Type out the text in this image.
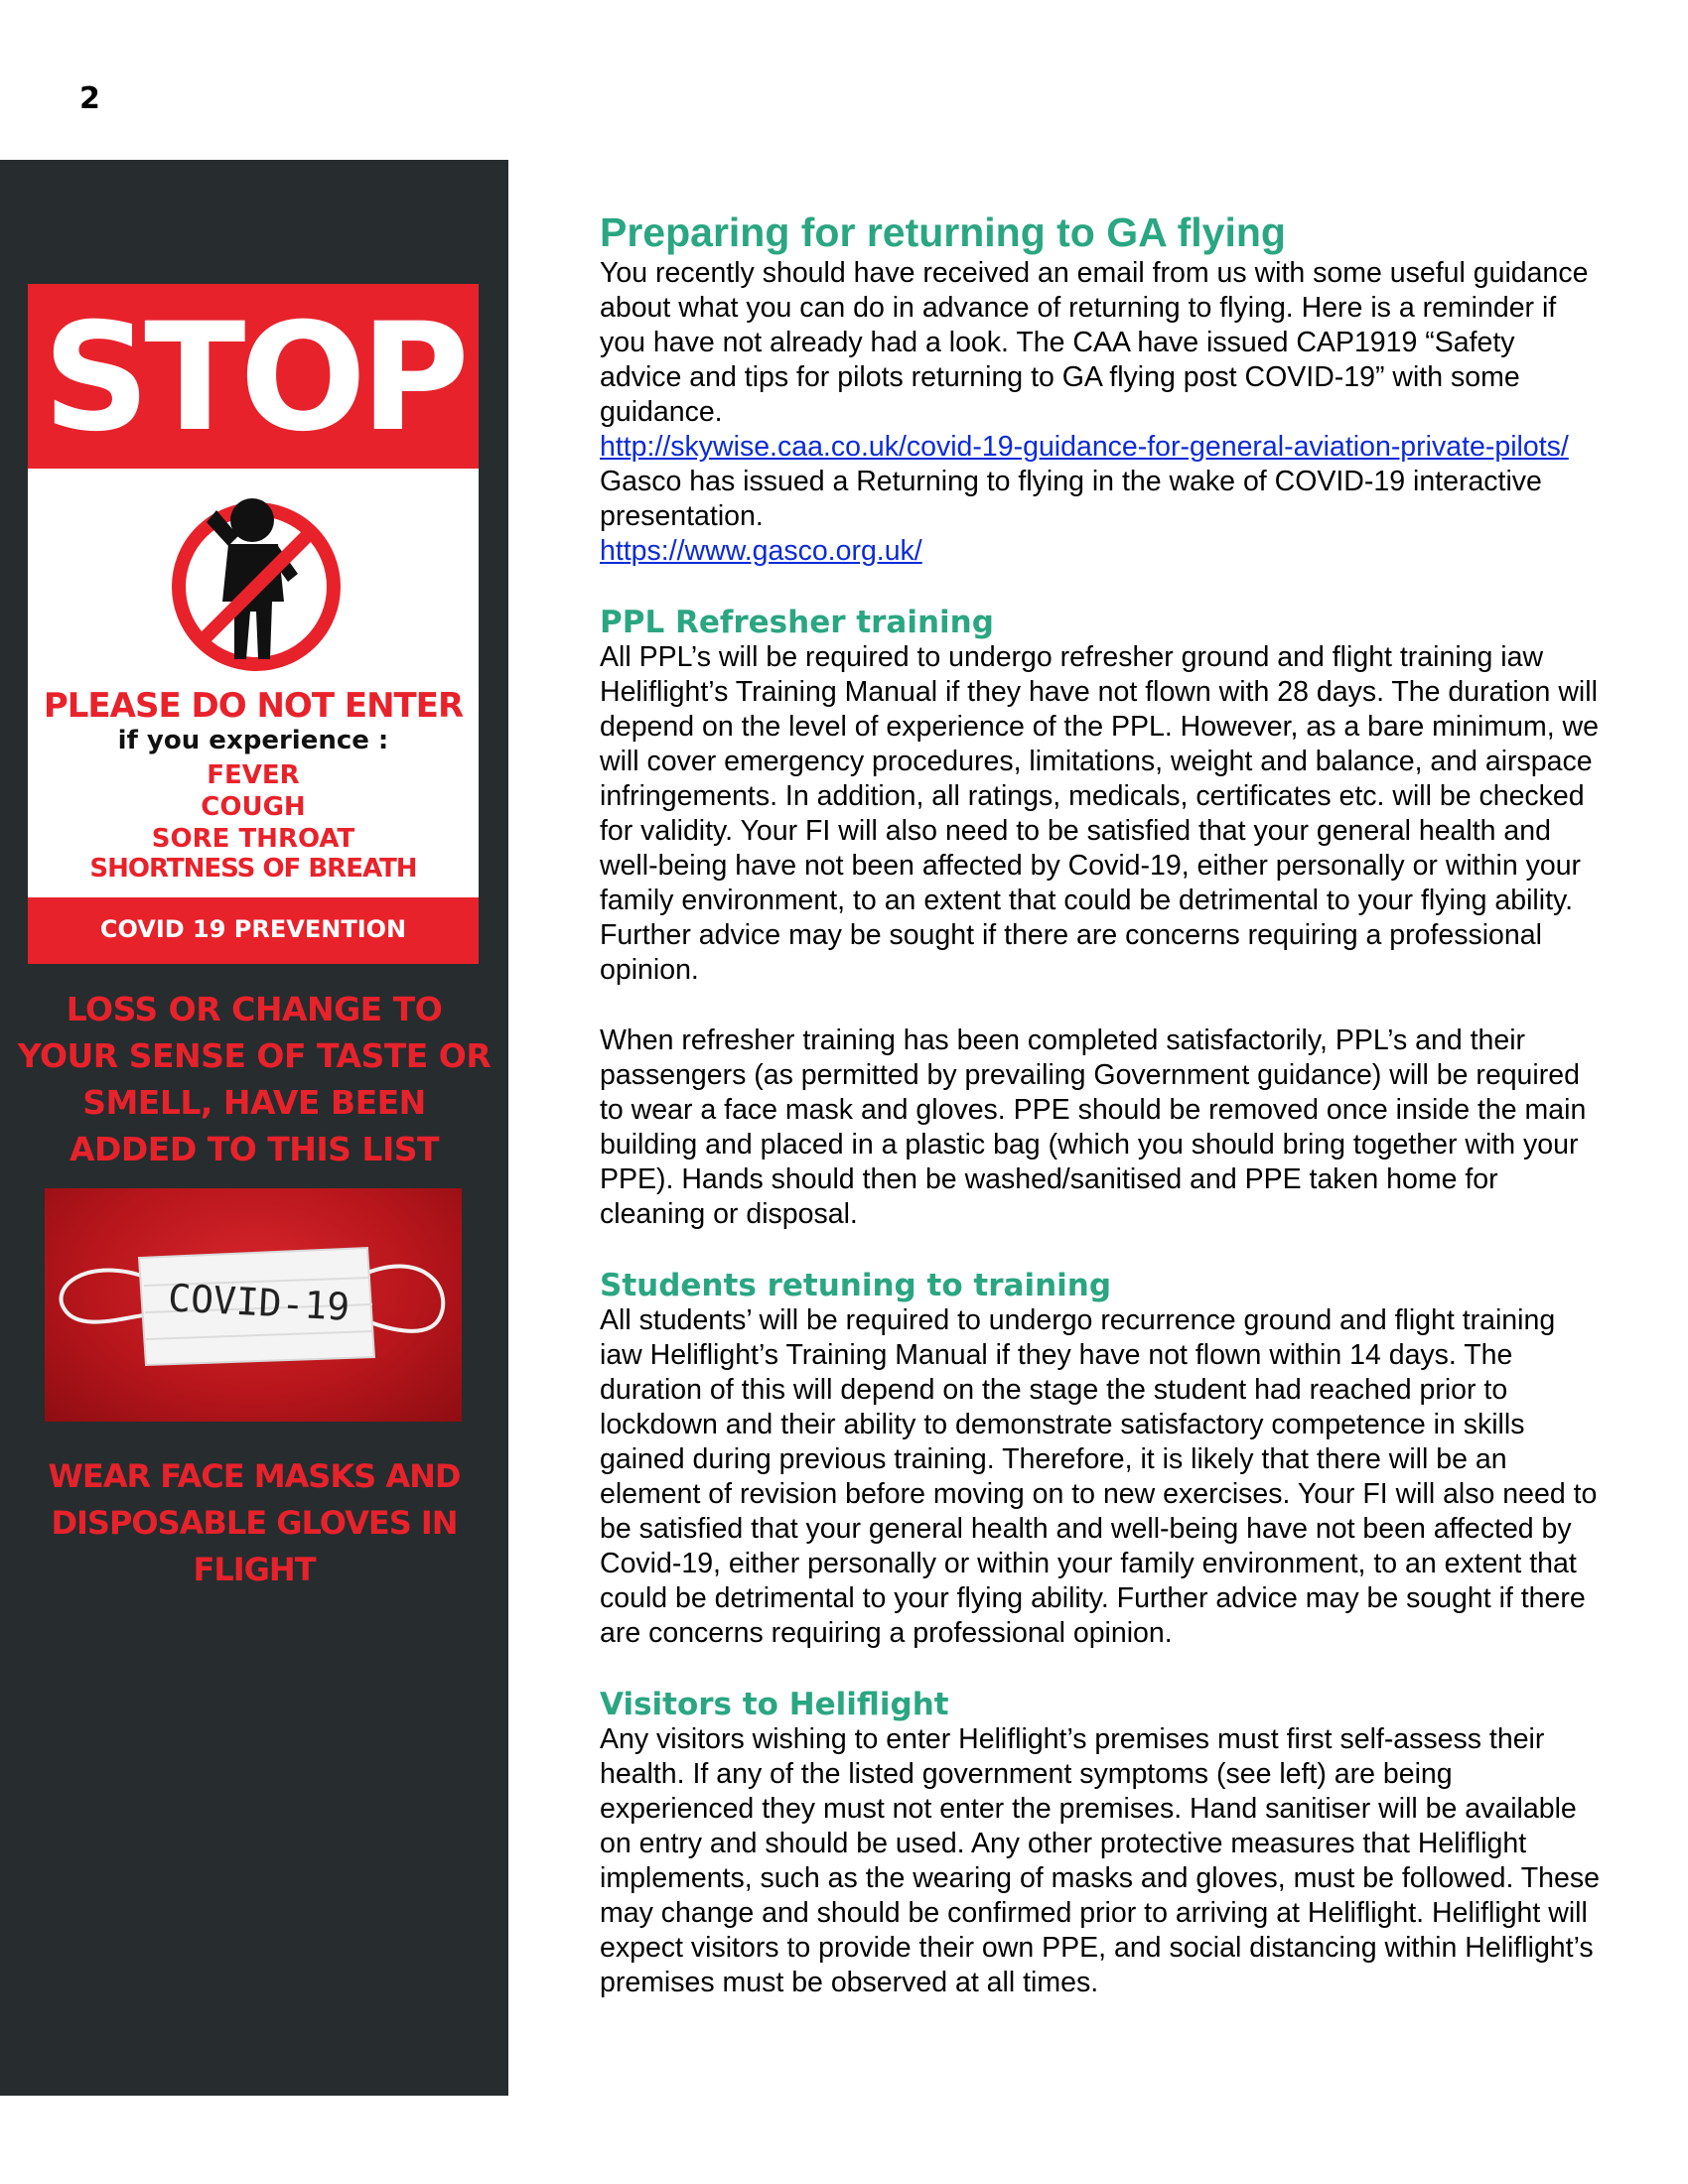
2
STOP
PLEASE DO NOT ENTER
if you experience :
FEVER
COUGH
SORE THROAT
SHORTNESS OF BREATH
COVID 19 PREVENTION
LOSS OR CHANGE TO YOUR SENSE OF TASTE OR SMELL, HAVE BEEN ADDED TO THIS LIST
COVID-19
WEAR FACE MASKS AND DISPOSABLE GLOVES IN FLIGHT
Preparing for returning to GA flying

You recently should have received an email from us with some useful guidance about what you can do in advance of returning to flying. Here is a reminder if you have not already had a look. The CAA have issued CAP1919 “Safety advice and tips for pilots returning to GA flying post COVID-19” with some guidance.

http://skywise.caa.co.uk/covid-19-guidance-for-general-aviation-private-pilots/

Gasco has issued a Returning to flying in the wake of COVID-19 interactive presentation.

https://www.gasco.org.uk/
PPL Refresher training

All PPL’s will be required to undergo refresher ground and flight training iaw Heliflight’s Training Manual if they have not flown with 28 days. The duration will depend on the level of experience of the PPL. However, as a bare minimum, we will cover emergency procedures, limitations, weight and balance, and airspace infringements. In addition, all ratings, medicals, certificates etc. will be checked for validity. Your FI will also need to be satisfied that your general health and well-being have not been affected by Covid-19, either personally or within your family environment, to an extent that could be detrimental to your flying ability. Further advice may be sought if there are concerns requiring a professional opinion.

When refresher training has been completed satisfactorily, PPL’s and their passengers (as permitted by prevailing Government guidance) will be required to wear a face mask and gloves. PPE should be removed once inside the main building and placed in a plastic bag (which you should bring together with your PPE). Hands should then be washed/sanitised and PPE taken home for cleaning or disposal.

Students retuning to training

All students’ will be required to undergo recurrence ground and flight training iaw Heliflight’s Training Manual if they have not flown within 14 days. The duration of this will depend on the stage the student had reached prior to lockdown and their ability to demonstrate satisfactory competence in skills gained during previous training. Therefore, it is likely that there will be an element of revision before moving on to new exercises. Your FI will also need to be satisfied that your general health and well-being have not been affected by Covid-19, either personally or within your family environment, to an extent that could be detrimental to your flying ability. Further advice may be sought if there are concerns requiring a professional opinion.

Visitors to Heliflight

Any visitors wishing to enter Heliflight’s premises must first self-assess their health. If any of the listed government symptoms (see left) are being experienced they must not enter the premises. Hand sanitiser will be available on entry and should be used. Any other protective measures that Heliflight implements, such as the wearing of masks and gloves, must be followed. These may change and should be confirmed prior to arriving at Heliflight. Heliflight will expect visitors to provide their own PPE, and social distancing within Heliflight’s premises must be observed at all times.
